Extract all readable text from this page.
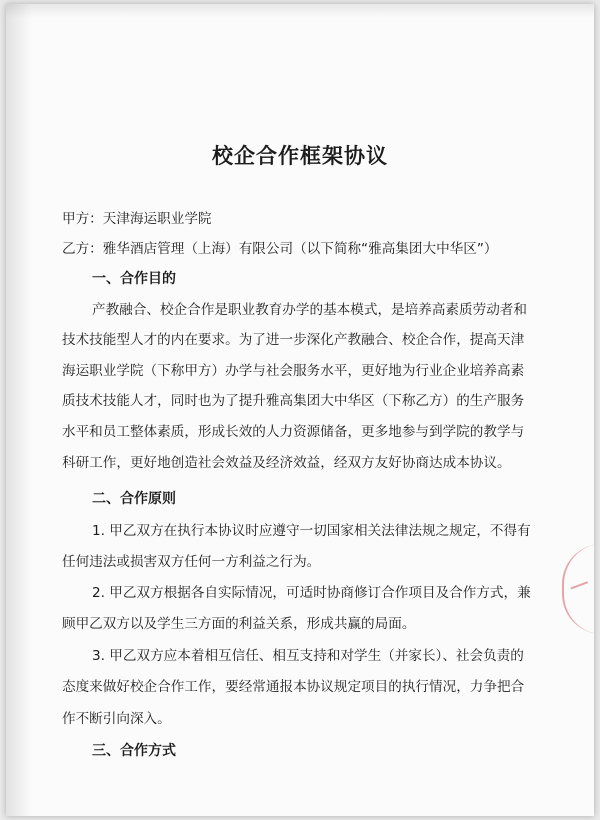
校企合作框架协议
甲方：天津海运职业学院
乙方：雅华酒店管理（上海）有限公司（以下简称“雅高集团大中华区”）
一、合作目的
产教融合、校企合作是职业教育办学的基本模式，是培养高素质劳动者和
技术技能型人才的内在要求。为了进一步深化产教融合、校企合作，提高天津
海运职业学院（下称甲方）办学与社会服务水平，更好地为行业企业培养高素
质技术技能人才，同时也为了提升雅高集团大中华区（下称乙方）的生产服务
水平和员工整体素质，形成长效的人力资源储备，更多地参与到学院的教学与
科研工作，更好地创造社会效益及经济效益，经双方友好协商达成本协议。
二、合作原则
1. 甲乙双方在执行本协议时应遵守一切国家相关法律法规之规定，不得有
任何违法或损害双方任何一方利益之行为。
2. 甲乙双方根据各自实际情况，可适时协商修订合作项目及合作方式，兼
顾甲乙双方以及学生三方面的利益关系，形成共赢的局面。
3. 甲乙双方应本着相互信任、相互支持和对学生（并家长）、社会负责的
态度来做好校企合作工作，要经常通报本协议规定项目的执行情况，力争把合
作不断引向深入。
三、合作方式
